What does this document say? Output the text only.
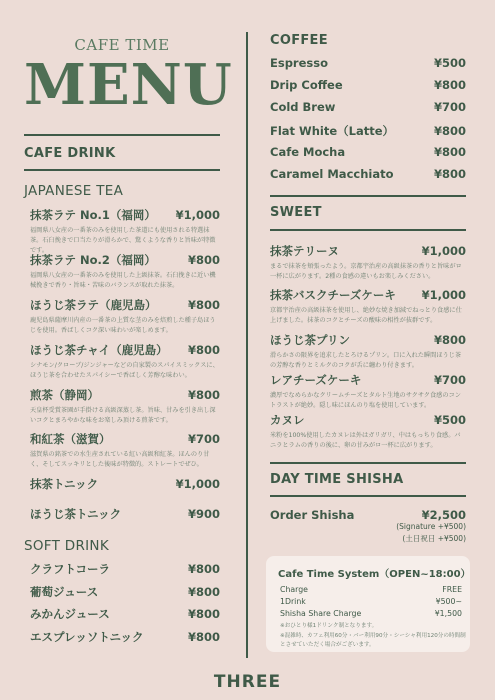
CAFE TIME
MENU
CAFE DRINK
JAPANESE TEA
抹茶ラテ No.1（福岡） ¥1,000
福岡県八女産の一番茶のみを使用した茶道にも使用される特選抹茶。石臼挽きで口当たりが滑らかで、驚くような香りと旨味が特徴です。
抹茶ラテ No.2（福岡）	¥800
福岡県八女産の一番茶のみを使用した上級抹茶。石臼挽きに近い機械挽きで香り・旨味・苦味のバランスが取れた抹茶。
ほうじ茶ラテ（鹿児島）	¥800
鹿児島県薩摩川内産の一番茶の上質な茎のみを焙煎した種子島ほうじを使用。香ばしくコク深い味わいが楽しめます。
ほうじ茶チャイ（鹿児島） ¥800
シナモン/クローブ/ジンジャーなどの自家製のスパイスミックスに、ほうじ茶を合わせたスパイシーで香ばしく芳醇な味わい。
煎茶（静岡）	¥800
天皇杯受賞茶園が手掛ける高級深蒸し茶。旨味、甘みを引き出し深いコクとまろやかな味をお楽しみ頂ける煎茶です。
和紅茶（滋賀）	¥700
滋賀県の銘茶での水生産されている紅い高級和紅茶。ほんのり甘く、そしてスッキリとした後味が特徴的。ストレートでぜひ。
抹茶トニック	¥1,000
ほうじ茶トニック	¥900
SOFT DRINK
クラフトコーラ	¥800
葡萄ジュース	¥800
みかんジュース	¥800
エスプレッソトニック	¥800
COFFEE
Espresso	¥500
Drip Coffee	¥800
Cold Brew	¥700
Flat White（Latte）	¥800
Cafe Mocha	¥800
Caramel Macchiato	¥800
SWEET
抹茶テリーヌ	¥1,000
まるで抹茶を頬張ったよう。京都宇治産の高級抹茶の香りと旨味がロ一杯に広がります。2種の食感の違いもお楽しみください。
抹茶バスクチーズケーキ ¥1,000
京都宇治産の高級抹茶を使用し、絶妙な焼き加減でねっとり食感に仕上げました。抹茶のコクとチーズの酸味の相性が抜群です。
ほうじ茶プリン	¥800
滑らかさの限界を追求したとろけるプリン。口に入れた瞬間ほうじ茶の芳醇な香りとミルクのコクが舌に纏わり付きます。
レアチーズケーキ	¥700
濃厚でなめらかなクリームチーズとタルト生地のサクサク食感のコントラストが絶妙。隠し味にほんのり塩を使用しています。
カヌレ	¥500
米粉を100%使用したカヌレは外はガリガリ、中はもっちり食感。バニラとラムの香りの後に、卵の甘みがロ一杯に広がります。
DAY TIME SHISHA
Order Shisha	¥2,500
(Signature +¥500)
(土日祝日 +¥500)
Cafe Time System（OPEN~18:00）
Charge	FREE
1Drink	¥500~
Shisha Share Charge	¥1,500
※おひとり様1ドリンク制となります。
※混雑時、カフェ利用60分・バー利用90分・シーシャ利用120分の時間制とさせていただく場合がございます。
THREE
